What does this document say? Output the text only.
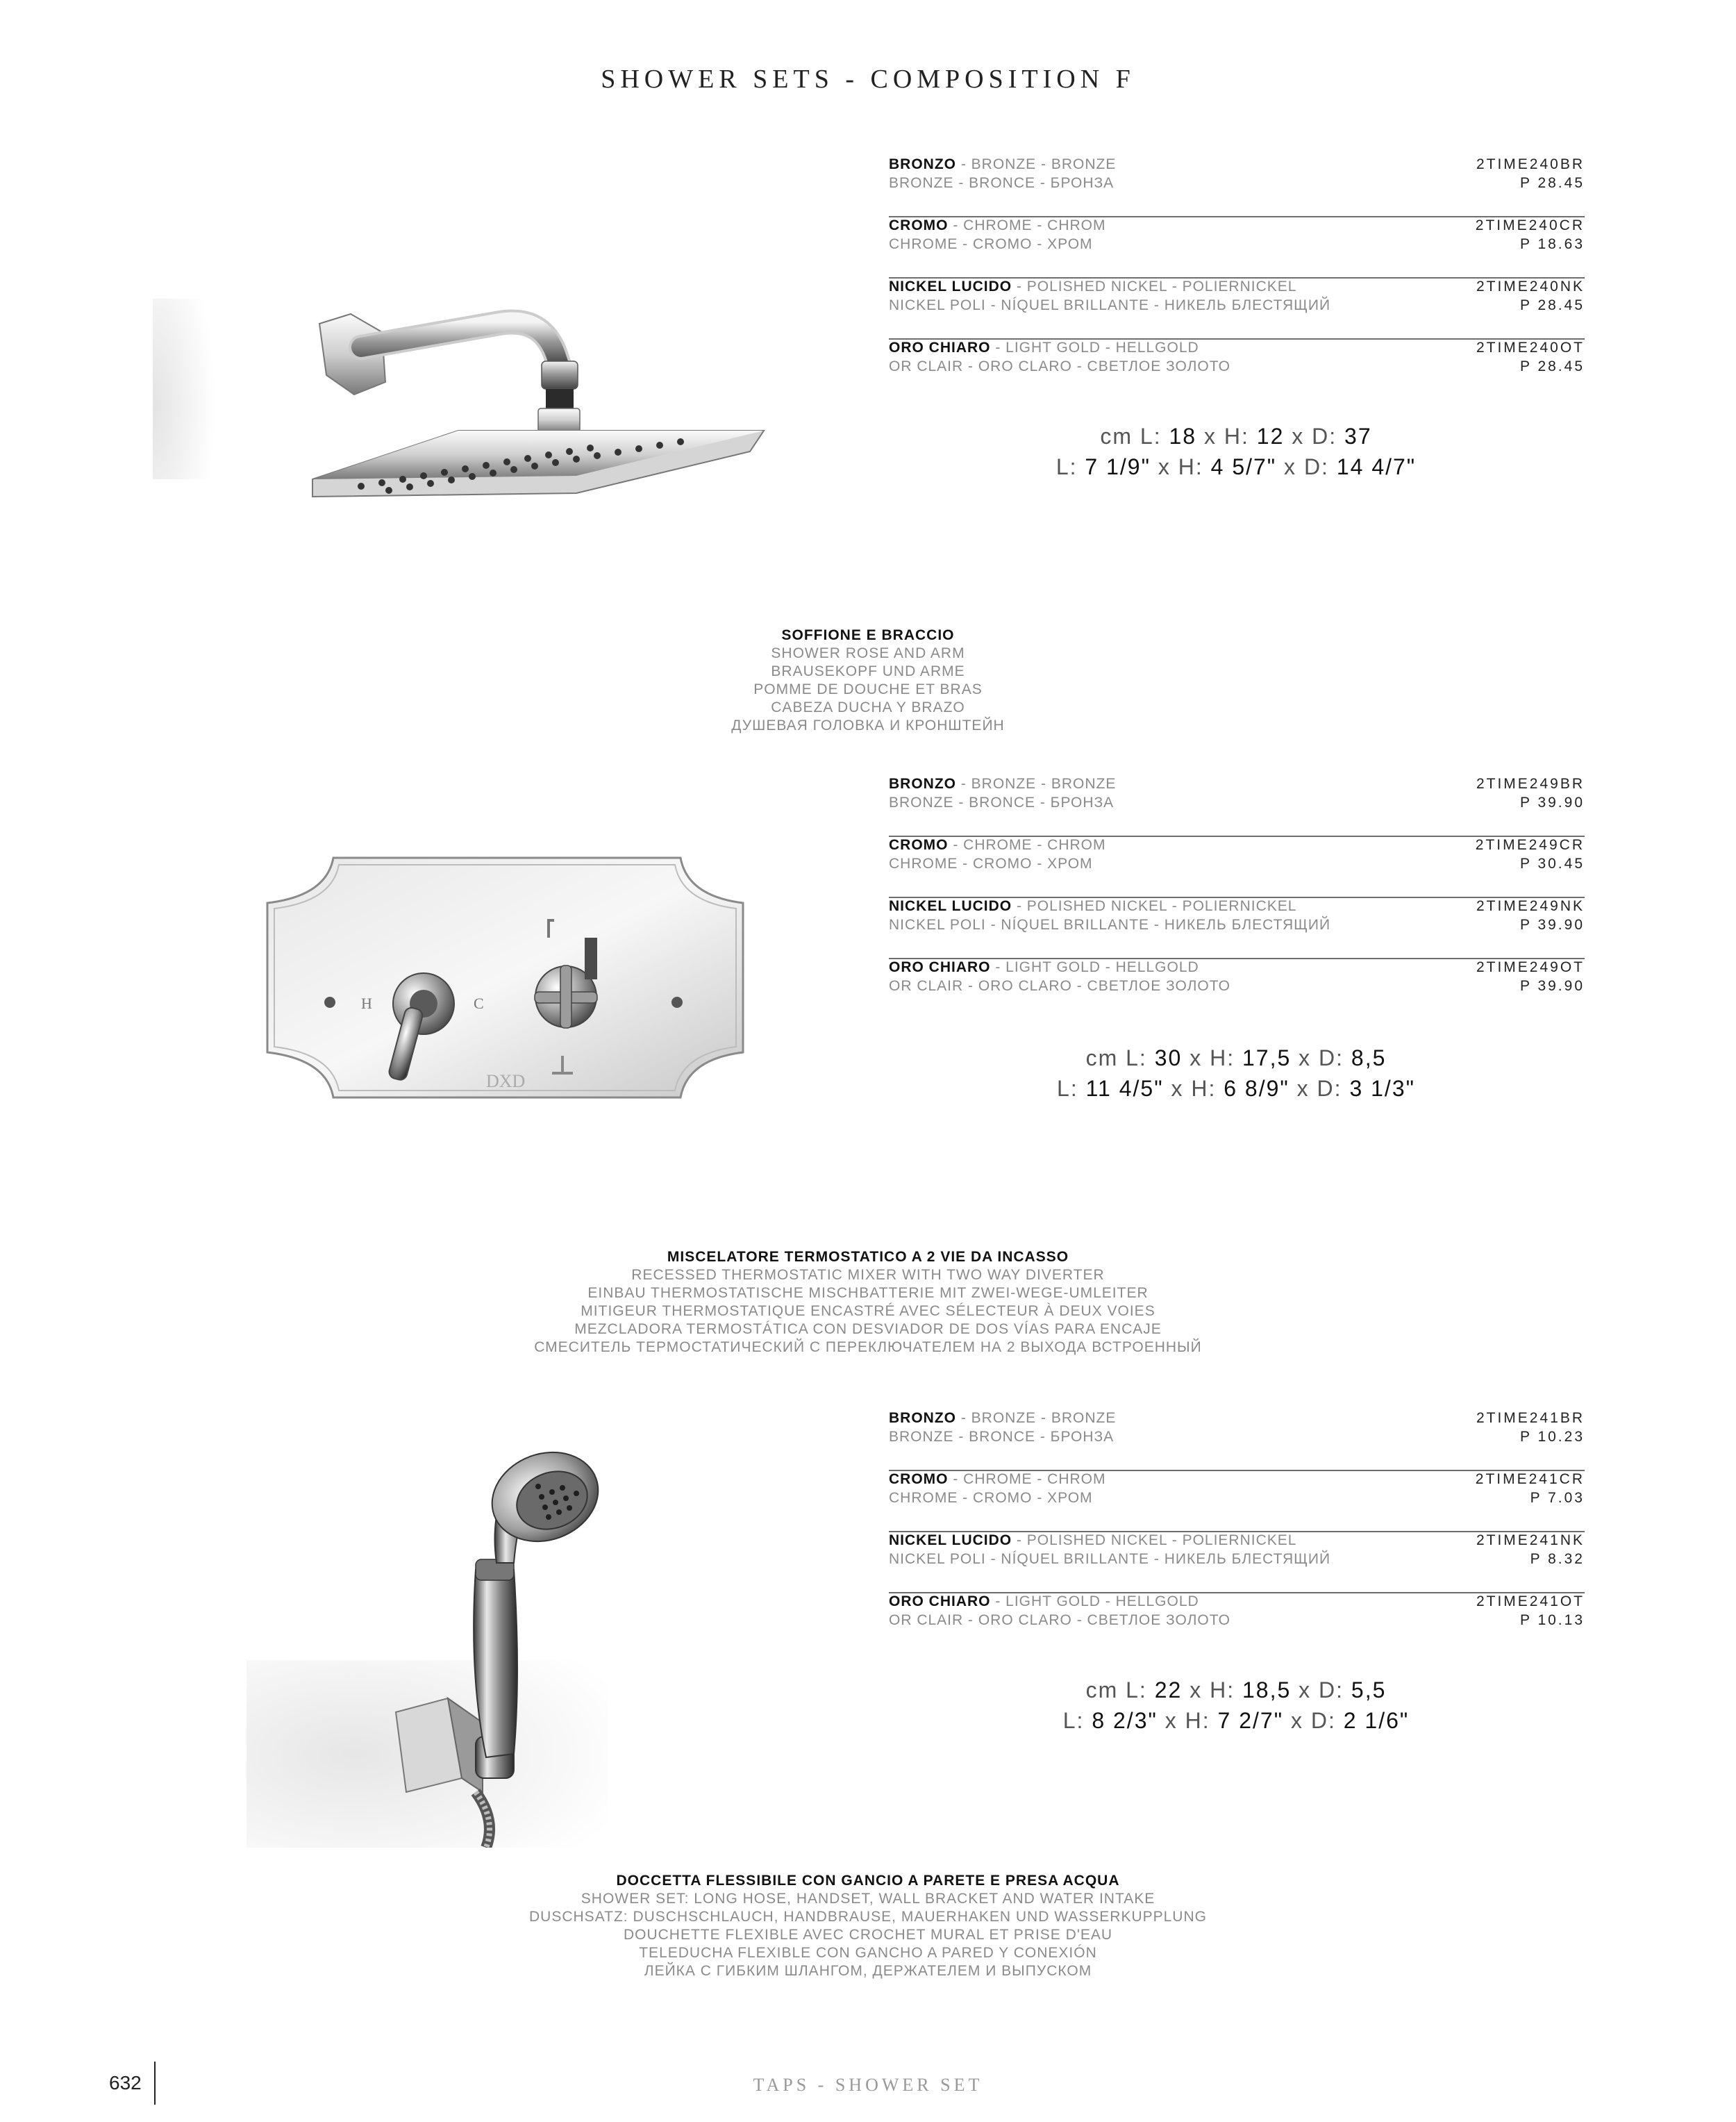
SHOWER SETS - COMPOSITION F
BRONZO - BRONZE - BRONZE
BRONZE - BRONCE - БРОНЗА
2TIME240BR
P 28.45
CROMO - CHROME - CHROM
CHROME - CROMO - ХРОМ
2TIME240CR
P 18.63
NICKEL LUCIDO - POLISHED NICKEL - POLIERNICKEL
NICKEL POLI - NÍQUEL BRILLANTE - НИКЕЛЬ БЛЕСТЯЩИЙ
2TIME240NK
P 28.45
ORO CHIARO - LIGHT GOLD - HELLGOLD
OR CLAIR - ORO CLARO - СВЕТЛОЕ ЗОЛОТО
2TIME240OT
P 28.45
cm L: 18 x H: 12 x D: 37
L: 7 1/9" x H: 4 5/7" x D: 14 4/7"
SOFFIONE E BRACCIO
SHOWER ROSE AND ARM
BRAUSEKOPF UND ARME
POMME DE DOUCHE ET BRAS
CABEZA DUCHA Y BRAZO
ДУШЕВАЯ ГОЛОВКА И КРОНШТЕЙН
H	C
DXD
BRONZO - BRONZE - BRONZE
BRONZE - BRONCE - БРОНЗА
2TIME249BR
P 39.90
CROMO - CHROME - CHROM
CHROME - CROMO - ХРОМ
2TIME249CR
P 30.45
NICKEL LUCIDO - POLISHED NICKEL - POLIERNICKEL
NICKEL POLI - NÍQUEL BRILLANTE - НИКЕЛЬ БЛЕСТЯЩИЙ
2TIME249NK
P 39.90
ORO CHIARO - LIGHT GOLD - HELLGOLD
OR CLAIR - ORO CLARO - СВЕТЛОЕ ЗОЛОТО
2TIME249OT
P 39.90
cm L: 30 x H: 17,5 x D: 8,5
L: 11 4/5" x H: 6 8/9" x D: 3 1/3"
MISCELATORE TERMOSTATICO A 2 VIE DA INCASSO
RECESSED THERMOSTATIC MIXER WITH TWO WAY DIVERTER
EINBAU THERMOSTATISCHE MISCHBATTERIE MIT ZWEI-WEGE-UMLEITER
MITIGEUR THERMOSTATIQUE ENCASTRÉ AVEC SÉLECTEUR À DEUX VOIES
MEZCLADORA TERMOSTÁTICA CON DESVIADOR DE DOS VÍAS PARA ENCAJE
СМЕСИТЕЛЬ ТЕРМОСТАТИЧЕСКИЙ С ПЕРЕКЛЮЧАТЕЛЕМ НА 2 ВЫХОДА ВСТРОЕННЫЙ
BRONZO - BRONZE - BRONZE
BRONZE - BRONCE - БРОНЗА
2TIME241BR
P 10.23
CROMO - CHROME - CHROM
CHROME - CROMO - ХРОМ
2TIME241CR
P 7.03
NICKEL LUCIDO - POLISHED NICKEL - POLIERNICKEL
NICKEL POLI - NÍQUEL BRILLANTE - НИКЕЛЬ БЛЕСТЯЩИЙ
2TIME241NK
P 8.32
ORO CHIARO - LIGHT GOLD - HELLGOLD
OR CLAIR - ORO CLARO - СВЕТЛОЕ ЗОЛОТО
2TIME241OT
P 10.13
cm L: 22 x H: 18,5 x D: 5,5
L: 8 2/3" x H: 7 2/7" x D: 2 1/6"
DOCCETTA FLESSIBILE CON GANCIO A PARETE E PRESA ACQUA
SHOWER SET: LONG HOSE, HANDSET, WALL BRACKET AND WATER INTAKE
DUSCHSATZ: DUSCHSCHLAUCH, HANDBRAUSE, MAUERHAKEN UND WASSERKUPPLUNG
DOUCHETTE FLEXIBLE AVEC CROCHET MURAL ET PRISE D'EAU
TELEDUCHA FLEXIBLE CON GANCHO A PARED Y CONEXIÓN
ЛЕЙКА С ГИБКИМ ШЛАНГОМ, ДЕРЖАТЕЛЕМ И ВЫПУСКОМ
632	TAPS - SHOWER SET
